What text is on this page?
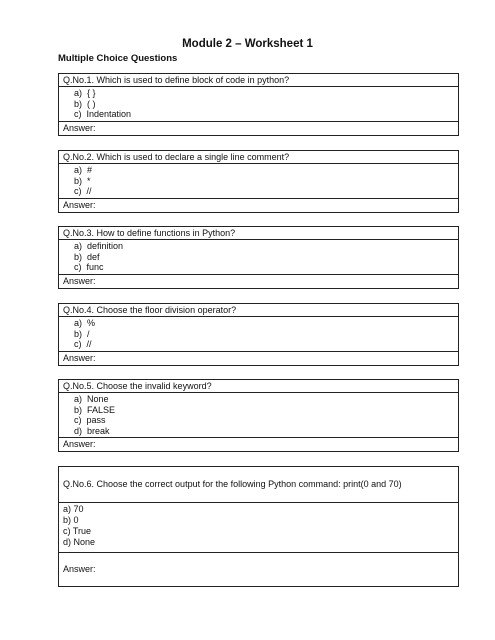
Module 2 – Worksheet 1
Multiple Choice Questions
Q.No.1. Which is used to define block of code in python?
a)  { }
b)  ( )
c)  Indentation
Answer:
Q.No.2. Which is used to declare a single line comment?
a)  #
b)  *
c)  //
Answer:
Q.No.3. How to define functions in Python?
a)  definition
b)  def
c)  func
Answer:
Q.No.4. Choose the floor division operator?
a)  %
b)  /
c)  //
Answer:
Q.No.5. Choose the invalid keyword?
a)  None
b)  FALSE
c)  pass
d)  break
Answer:
Q.No.6. Choose the correct output for the following Python command: print(0 and 70)
a) 70
b) 0
c) True
d) None
Answer:
